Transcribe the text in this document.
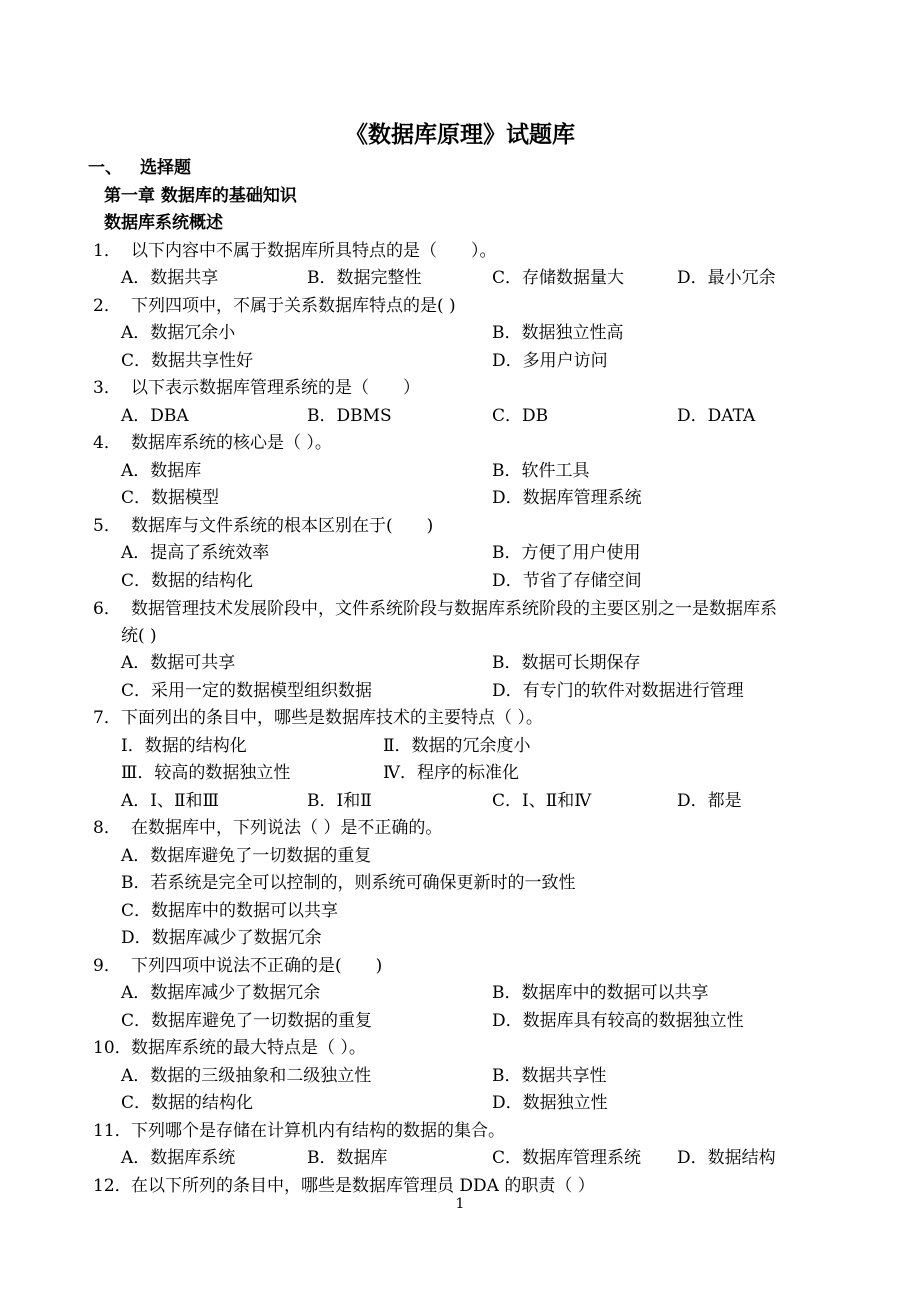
《数据库原理》试题库
一、 选择题
第一章 数据库的基础知识
数据库系统概述
1． 以下内容中不属于数据库所具特点的是（　　）。
A．数据共享	B．数据完整性	C．存储数据量大	D．最小冗余
2． 下列四项中，不属于关系数据库特点的是( )
A．数据冗余小	B．数据独立性高
C．数据共享性好	D．多用户访问
3． 以下表示数据库管理系统的是（　　）
A．DBA	B．DBMS	C．DB	D．DATA
4． 数据库系统的核心是（ ）。
A．数据库	B．软件工具
C．数据模型	D．数据库管理系统
5． 数据库与文件系统的根本区别在于(　　)
A．提高了系统效率	B．方便了用户使用
C．数据的结构化	D．节省了存储空间
6． 数据管理技术发展阶段中，文件系统阶段与数据库系统阶段的主要区别之一是数据库系
统( )
A．数据可共享	B．数据可长期保存
C．采用一定的数据模型组织数据	D．有专门的软件对数据进行管理
7．下面列出的条目中，哪些是数据库技术的主要特点（ ）。
Ⅰ．数据的结构化	Ⅱ．数据的冗余度小
Ⅲ．较高的数据独立性	Ⅳ．程序的标准化
A．Ⅰ、Ⅱ和Ⅲ	B．Ⅰ和Ⅱ	C．Ⅰ、Ⅱ和Ⅳ	D．都是
8． 在数据库中，下列说法（ ）是不正确的。
A．数据库避免了一切数据的重复
B．若系统是完全可以控制的，则系统可确保更新时的一致性
C．数据库中的数据可以共享
D．数据库减少了数据冗余
9． 下列四项中说法不正确的是(　　)
A．数据库减少了数据冗余	B．数据库中的数据可以共享
C．数据库避免了一切数据的重复	D．数据库具有较高的数据独立性
10．数据库系统的最大特点是（ ）。
A．数据的三级抽象和二级独立性	B．数据共享性
C．数据的结构化	D．数据独立性
11．下列哪个是存储在计算机内有结构的数据的集合。
A．数据库系统	B．数据库	C．数据库管理系统 D．数据结构
12．在以下所列的条目中，哪些是数据库管理员 DDA 的职责（ ）
1
